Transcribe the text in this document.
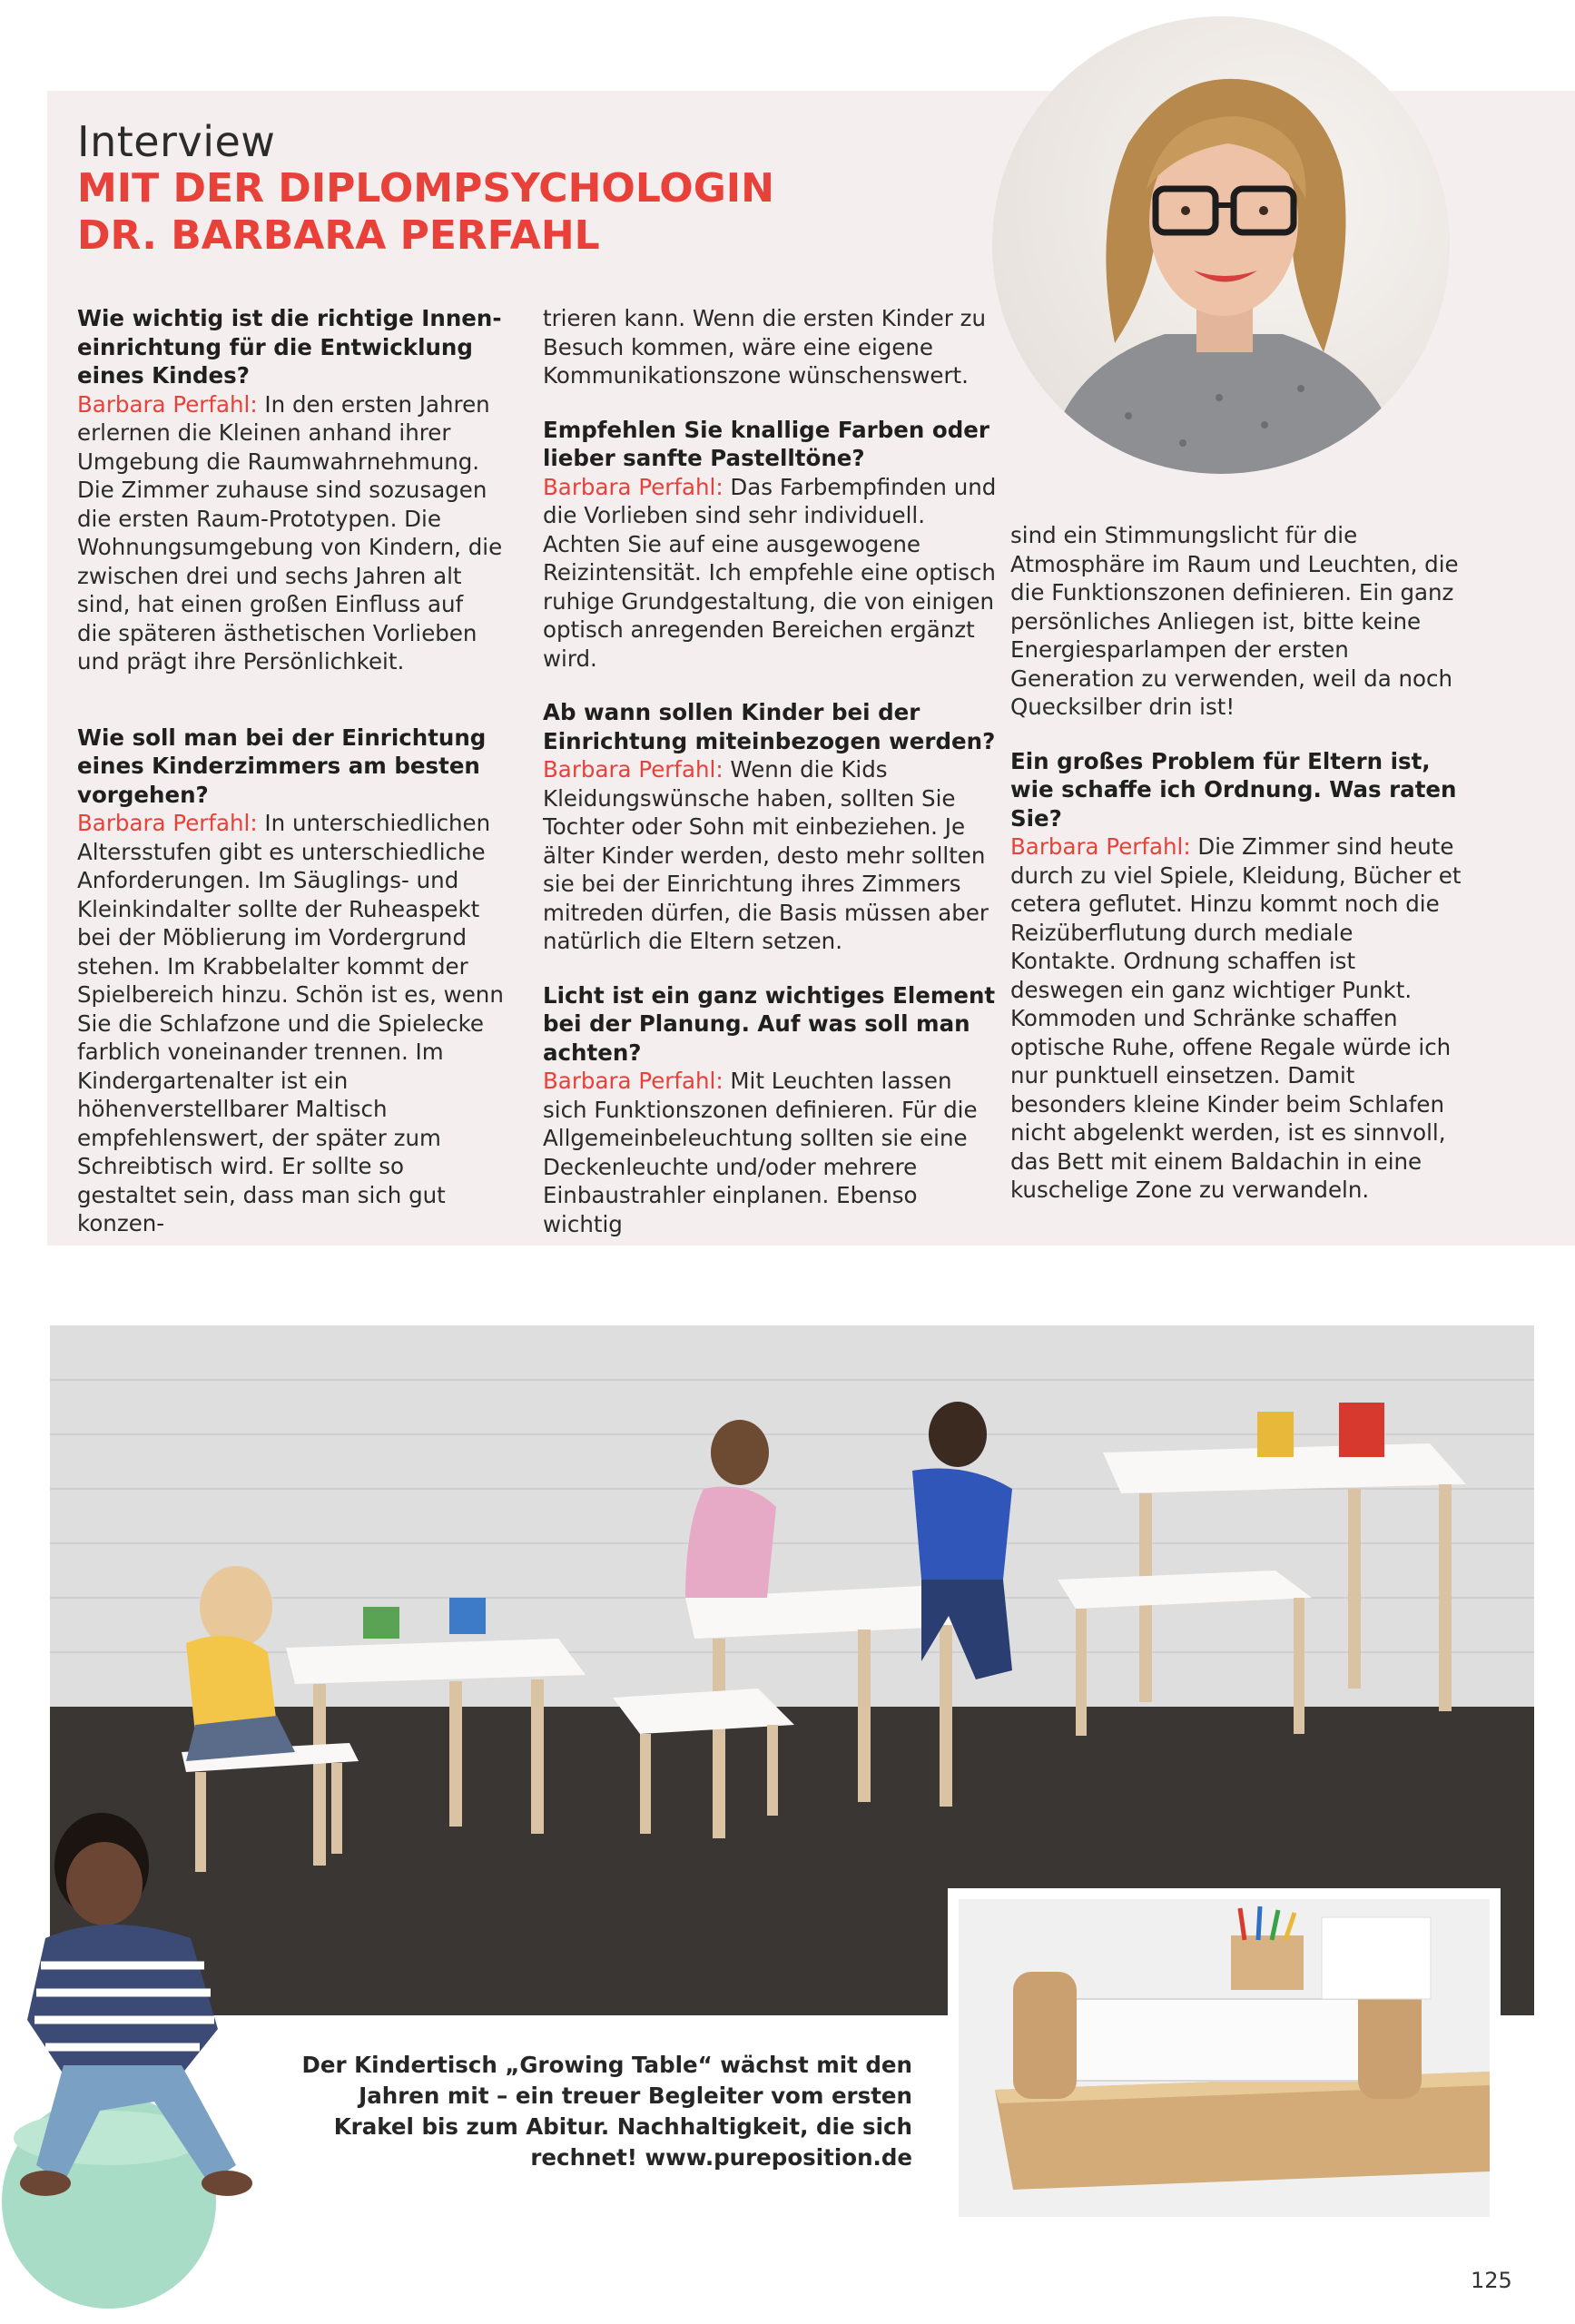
Interview
MIT DER DIPLOMPSYCHOLOGIN
DR. BARBARA PERFAHL

Wie wichtig ist die richtige Innen-einrichtung für die Entwicklung eines Kindes?

Barbara Perfahl: In den ersten Jahren erlernen die Kleinen anhand ihrer Umgebung die Raumwahrnehmung. Die Zimmer zuhause sind sozusagen die ersten Raum-Prototypen. Die Wohnungsumgebung von Kindern, die zwischen drei und sechs Jahren alt sind, hat einen großen Einfluss auf die späteren ästhetischen Vorlieben und prägt ihre Persönlichkeit.

Wie soll man bei der Einrichtung eines Kinderzimmers am besten vorgehen?

Barbara Perfahl: In unterschiedlichen Altersstufen gibt es unterschiedliche Anforderungen. Im Säuglings- und Kleinkindalter sollte der Ruheaspekt bei der Möblierung im Vordergrund stehen. Im Krabbelalter kommt der Spielbereich hinzu. Schön ist es, wenn Sie die Schlafzone und die Spielecke farblich voneinander trennen. Im Kindergartenalter ist ein höhenverstellbarer Maltisch empfehlenswert, der später zum Schreibtisch wird. Er sollte so gestaltet sein, dass man sich gut konzen-

trieren kann. Wenn die ersten Kinder zu Besuch kommen, wäre eine eigene Kommunikationszone wünschenswert.

Empfehlen Sie knallige Farben oder lieber sanfte Pastelltöne?

Barbara Perfahl: Das Farbempfinden und die Vorlieben sind sehr individuell. Achten Sie auf eine ausgewogene Reizintensität. Ich empfehle eine optisch ruhige Grundgestaltung, die von einigen optisch anregenden Bereichen ergänzt wird.

Ab wann sollen Kinder bei der Einrichtung miteinbezogen werden?

Barbara Perfahl: Wenn die Kids Kleidungswünsche haben, sollten Sie Tochter oder Sohn mit einbeziehen. Je älter Kinder werden, desto mehr sollten sie bei der Einrichtung ihres Zimmers mitreden dürfen, die Basis müssen aber natürlich die Eltern setzen.

Licht ist ein ganz wichtiges Element bei der Planung. Auf was soll man achten?

Barbara Perfahl: Mit Leuchten lassen sich Funktionszonen definieren. Für die Allgemeinbeleuchtung sollten sie eine Deckenleuchte und/oder mehrere Einbaustrahler einplanen. Ebenso wichtig

sind ein Stimmungslicht für die Atmosphäre im Raum und Leuchten, die die Funktionszonen definieren. Ein ganz persönliches Anliegen ist, bitte keine Energiesparlampen der ersten Generation zu verwenden, weil da noch Quecksilber drin ist!

Ein großes Problem für Eltern ist, wie schaffe ich Ordnung. Was raten Sie?

Barbara Perfahl: Die Zimmer sind heute durch zu viel Spiele, Kleidung, Bücher et cetera geflutet. Hinzu kommt noch die Reizüberflutung durch mediale Kontakte. Ordnung schaffen ist deswegen ein ganz wichtiger Punkt. Kommoden und Schränke schaffen optische Ruhe, offene Regale würde ich nur punktuell einsetzen. Damit besonders kleine Kinder beim Schlafen nicht abgelenkt werden, ist es sinnvoll, das Bett mit einem Baldachin in eine kuschelige Zone zu verwandeln.

Der Kindertisch „Growing Table“ wächst mit den Jahren mit – ein treuer Begleiter vom ersten Krakel bis zum Abitur. Nachhaltigkeit, die sich rechnet! www.pureposition.de
125
